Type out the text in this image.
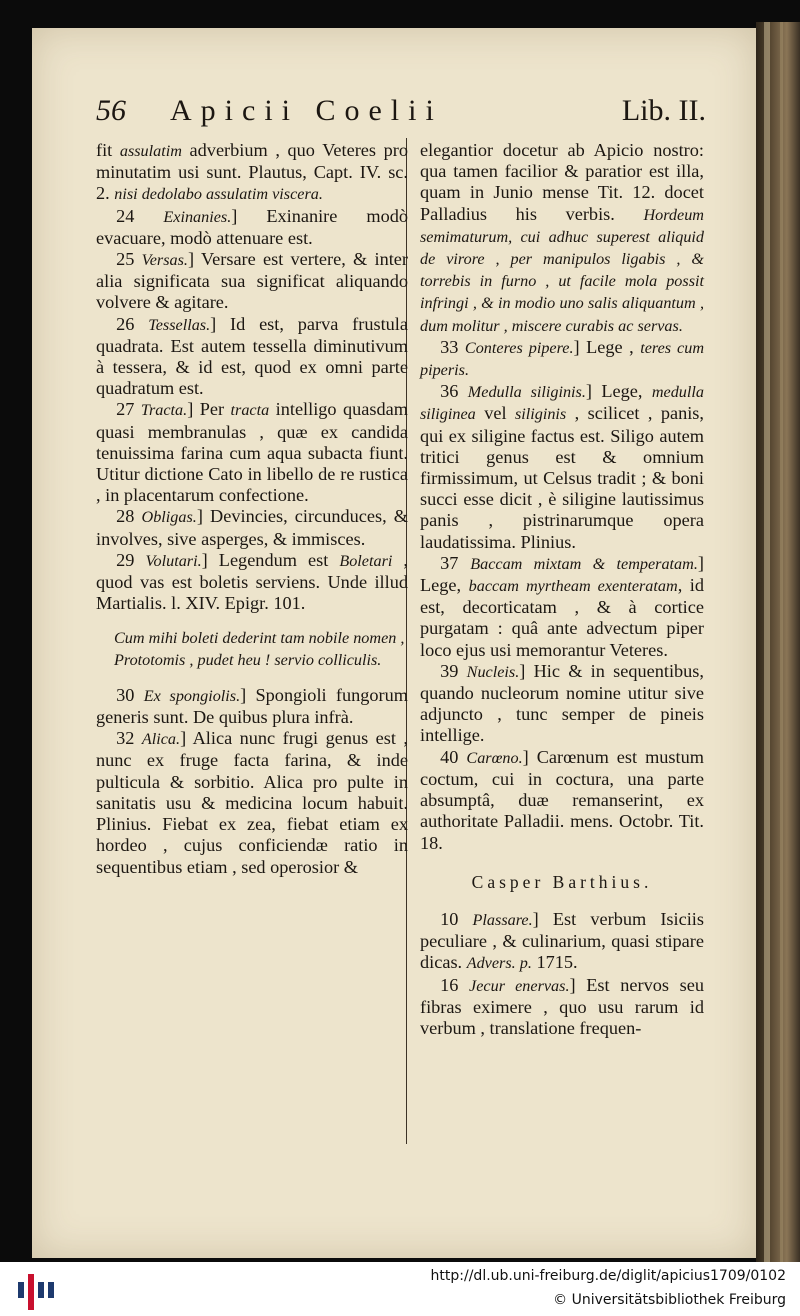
56 Apicii Coelii	Lib. II.

fit assulatim adverbium , quo Veteres pro minutatim usi sunt. Plautus, Capt. IV. sc. 2. nisi dedolabo assulatim viscera.

24 Exinanies.] Exinanire modò evacuare, modò attenuare est.

25 Versas.] Versare est vertere, & inter alia significata sua significat aliquando volvere & agitare.

26 Tessellas.] Id est, parva frustula quadrata. Est autem tessella diminutivum à tessera, & id est, quod ex omni parte quadratum est.

27 Tracta.] Per tracta intelligo quasdam quasi membranulas , quæ ex candida tenuissima farina cum aqua subacta fiunt. Utitur dictione Cato in libello de re rustica , in placentarum confectione.

28 Obligas.] Devincies, circunduces, & involves, sive asperges, & immisces.

29 Volutari.] Legendum est Boletari , quod vas est boletis serviens. Unde illud Martialis. l. XIV. Epigr. 101.

Cum mihi boleti dederint tam nobile nomen ,

Prototomis , pudet heu ! servio colliculis.

30 Ex spongiolis.] Spongioli fungorum generis sunt. De quibus plura infrà.

32 Alica.] Alica nunc frugi genus est , nunc ex fruge facta farina, & inde pulticula & sorbitio. Alica pro pulte in sanitatis usu & medicina locum habuit. Plinius. Fiebat ex zea, fiebat etiam ex hordeo , cujus conficiendæ ratio in sequentibus etiam , sed operosior &

elegantior docetur ab Apicio nostro: qua tamen facilior & paratior est illa, quam in Junio mense Tit. 12. docet Palladius his verbis. Hordeum semimaturum, cui adhuc superest aliquid de virore , per manipulos ligabis , & torrebis in furno , ut facile mola possit infringi , & in modio uno salis aliquantum , dum molitur , miscere curabis ac servas.

33 Conteres pipere.] Lege , teres cum piperis.

36 Medulla siliginis.] Lege, medulla siliginea vel siliginis , scilicet , panis, qui ex siligine factus est. Siligo autem tritici genus est & omnium firmissimum, ut Celsus tradit ; & boni succi esse dicit , è siligine lautissimus panis , pistrinarumque opera laudatissima. Plinius.

37 Baccam mixtam & temperatam.] Lege, baccam myrtheam exenteratam, id est, decorticatam , & à cortice purgatam : quâ ante advectum piper loco ejus usi memorantur Veteres.

39 Nucleis.] Hic & in sequentibus, quando nucleorum nomine utitur sive adjuncto , tunc semper de pineis intellige.

40 Carœno.] Carœnum est mustum coctum, cui in coctura, una parte absumptâ, duæ remanserint, ex authoritate Palladii. mens. Octobr. Tit. 18.

Casper Barthius.

10 Plassare.] Est verbum Isiciis peculiare , & culinarium, quasi stipare dicas. Advers. p. 1715.

16 Jecur enervas.] Est nervos seu fibras eximere , quo usu rarum id verbum , translatione frequen-

http://dl.ub.uni-freiburg.de/diglit/apicius1709/0102
© Universitätsbibliothek Freiburg
